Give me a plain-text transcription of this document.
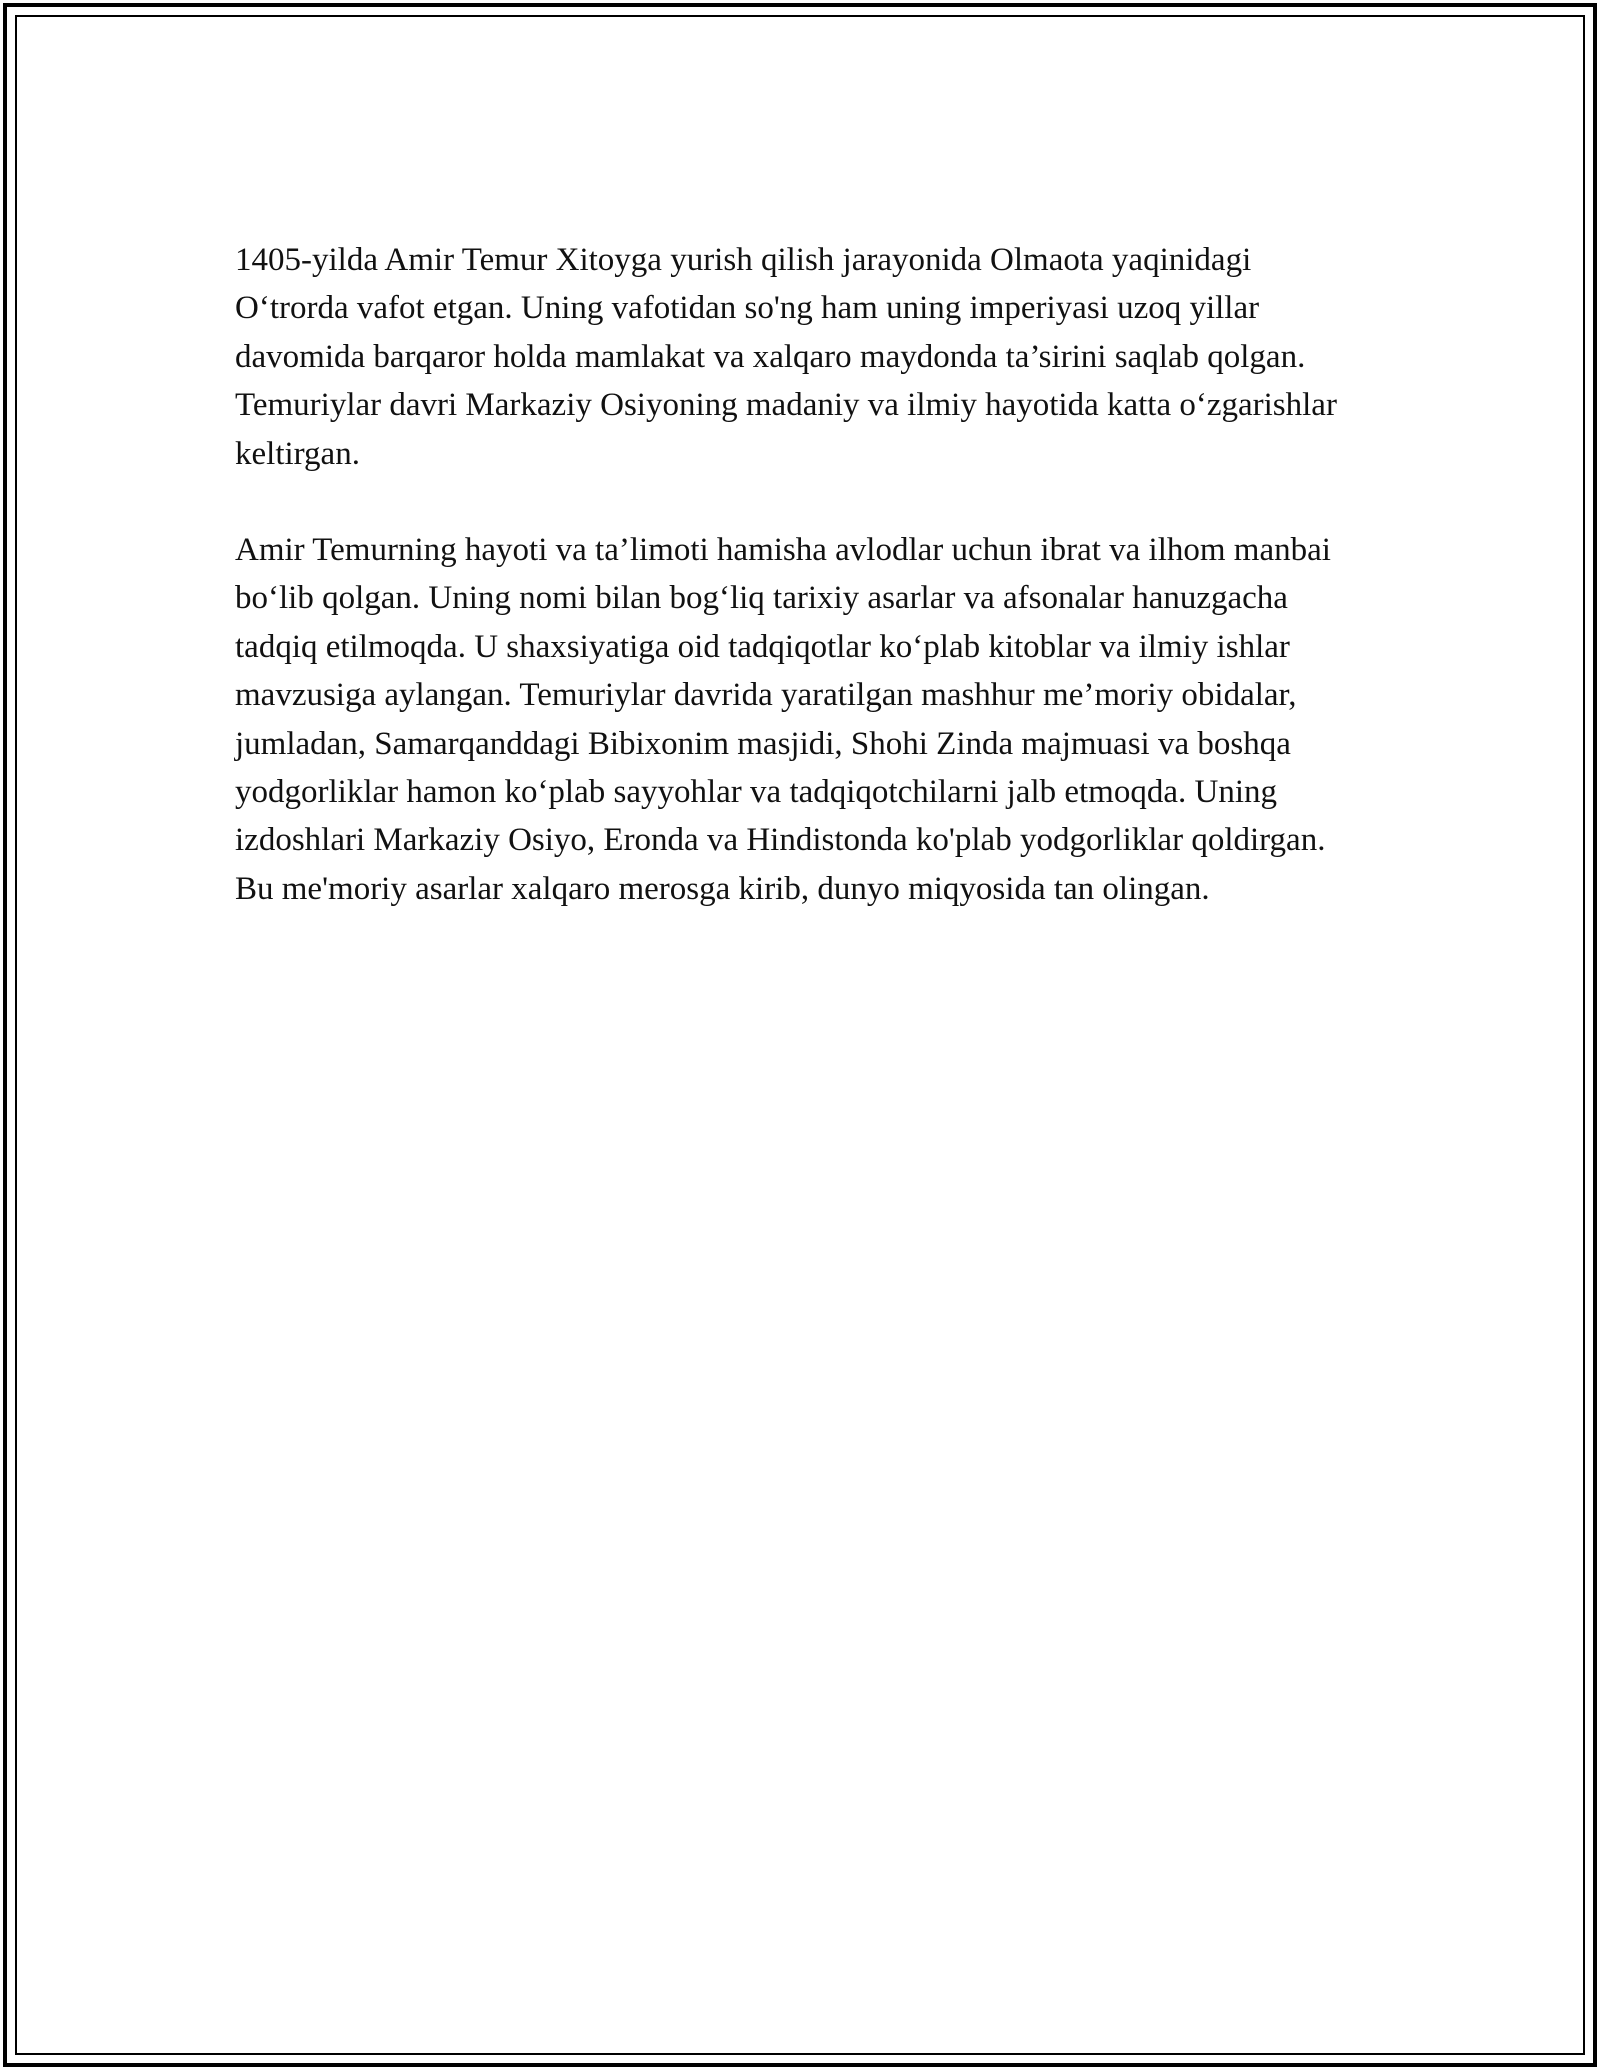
1405-yilda Amir Temur Xitoyga yurish qilish jarayonida Olmaota yaqinidagi O‘trorda vafot etgan. Uning vafotidan so'ng ham uning imperiyasi uzoq yillar davomida barqaror holda mamlakat va xalqaro maydonda ta’sirini saqlab qolgan. Temuriylar davri Markaziy Osiyoning madaniy va ilmiy hayotida katta o‘zgarishlar keltirgan.

Amir Temurning hayoti va ta’limoti hamisha avlodlar uchun ibrat va ilhom manbai bo‘lib qolgan. Uning nomi bilan bog‘liq tarixiy asarlar va afsonalar hanuzgacha tadqiq etilmoqda. U shaxsiyatiga oid tadqiqotlar ko‘plab kitoblar va ilmiy ishlar mavzusiga aylangan. Temuriylar davrida yaratilgan mashhur me’moriy obidalar, jumladan, Samarqanddagi Bibixonim masjidi, Shohi Zinda majmuasi va boshqa yodgorliklar hamon ko‘plab sayyohlar va tadqiqotchilarni jalb etmoqda. Uning izdoshlari Markaziy Osiyo, Eronda va Hindistonda ko'plab yodgorliklar qoldirgan. Bu me'moriy asarlar xalqaro merosga kirib, dunyo miqyosida tan olingan.
